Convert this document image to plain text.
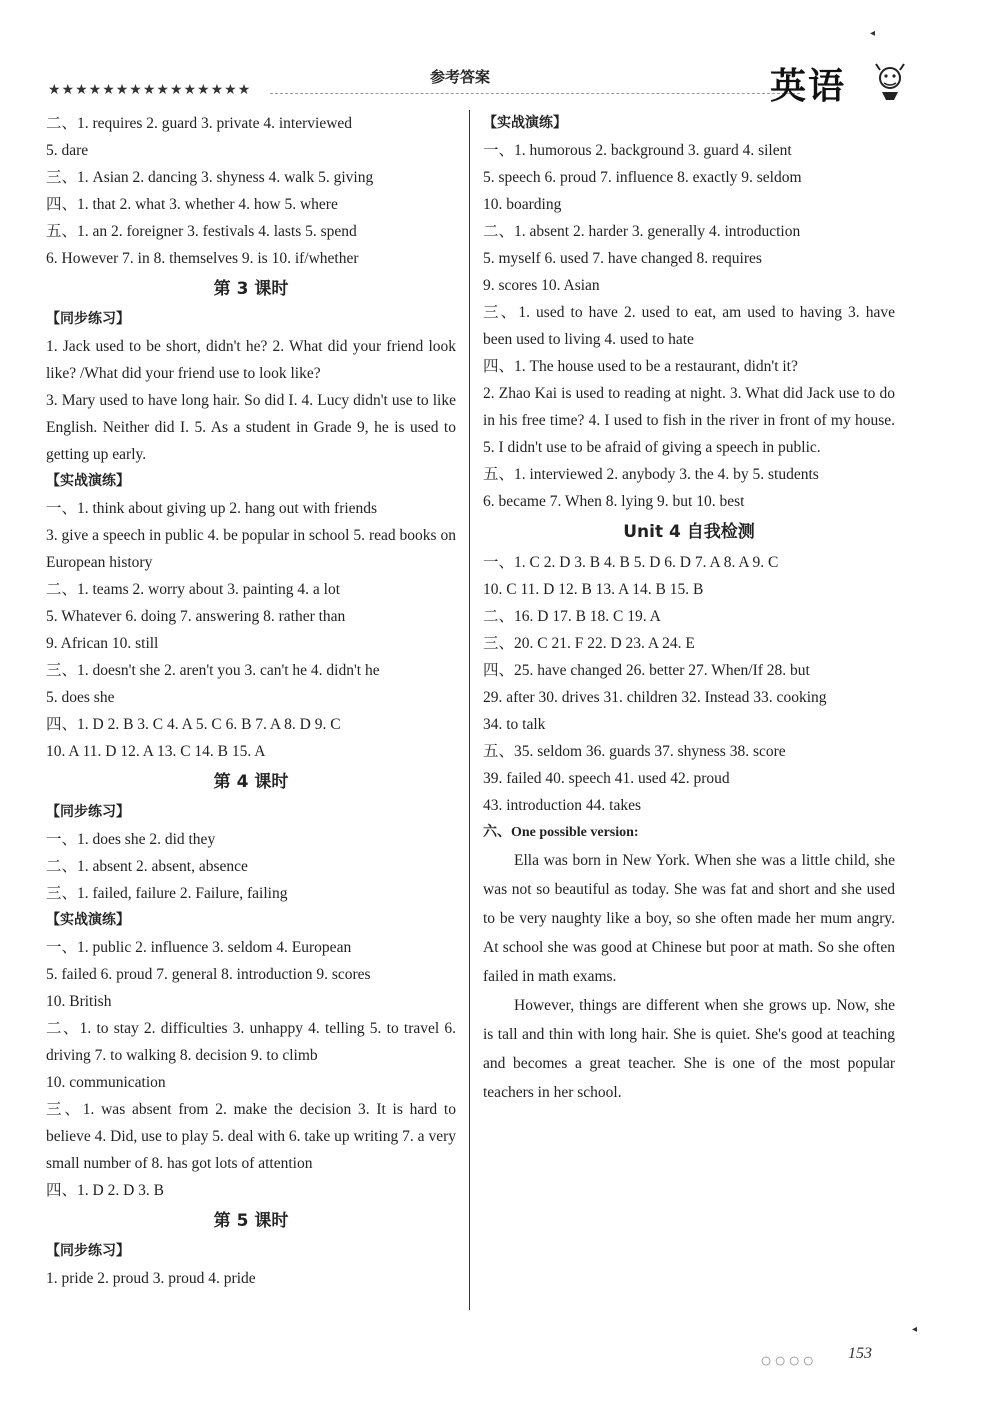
★★★★★★★★★★★★★★★
参考答案	英语
◂
二、1. requires 2. guard 3. private 4. interviewed
5. dare
三、1. Asian 2. dancing 3. shyness 4. walk 5. giving
四、1. that 2. what 3. whether 4. how 5. where
五、1. an 2. foreigner 3. festivals 4. lasts 5. spend
6. However 7. in 8. themselves 9. is 10. if/whether
第 3 课时
【同步练习】
1. Jack used to be short, didn't he? 2. What did your friend look like? /What did your friend use to look like?
3. Mary used to have long hair. So did I. 4. Lucy didn't use to like English. Neither did I. 5. As a student in Grade 9, he is used to getting up early.
【实战演练】
一、1. think about giving up 2. hang out with friends
3. give a speech in public 4. be popular in school 5. read books on European history
二、1. teams 2. worry about 3. painting 4. a lot
5. Whatever 6. doing 7. answering 8. rather than
9. African 10. still
三、1. doesn't she 2. aren't you 3. can't he 4. didn't he
5. does she
四、1. D 2. B 3. C 4. A 5. C 6. B 7. A 8. D 9. C
10. A 11. D 12. A 13. C 14. B 15. A
第 4 课时
【同步练习】
一、1. does she 2. did they
二、1. absent 2. absent, absence
三、1. failed, failure 2. Failure, failing
【实战演练】
一、1. public 2. influence 3. seldom 4. European
5. failed 6. proud 7. general 8. introduction 9. scores
10. British
二、1. to stay 2. difficulties 3. unhappy 4. telling 5. to travel 6. driving 7. to walking 8. decision 9. to climb
10. communication
三、1. was absent from 2. make the decision 3. It is hard to believe 4. Did, use to play 5. deal with 6. take up writing 7. a very small number of 8. has got lots of attention
四、1. D 2. D 3. B
第 5 课时
【同步练习】
1. pride 2. proud 3. proud 4. pride
【实战演练】
一、1. humorous 2. background 3. guard 4. silent
5. speech 6. proud 7. influence 8. exactly 9. seldom
10. boarding
二、1. absent 2. harder 3. generally 4. introduction
5. myself 6. used 7. have changed 8. requires
9. scores 10. Asian
三、1. used to have 2. used to eat, am used to having 3. have been used to living 4. used to hate
四、1. The house used to be a restaurant, didn't it?
2. Zhao Kai is used to reading at night. 3. What did Jack use to do in his free time? 4. I used to fish in the river in front of my house. 5. I didn't use to be afraid of giving a speech in public.
五、1. interviewed 2. anybody 3. the 4. by 5. students
6. became 7. When 8. lying 9. but 10. best
Unit 4 自我检测
一、1. C 2. D 3. B 4. B 5. D 6. D 7. A 8. A 9. C
10. C 11. D 12. B 13. A 14. B 15. B
二、16. D 17. B 18. C 19. A
三、20. C 21. F 22. D 23. A 24. E
四、25. have changed 26. better 27. When/If 28. but
29. after 30. drives 31. children 32. Instead 33. cooking
34. to talk
五、35. seldom 36. guards 37. shyness 38. score
39. failed 40. speech 41. used 42. proud
43. introduction 44. takes
六、One possible version:

Ella was born in New York. When she was a little child, she was not so beautiful as today. She was fat and short and she used to be very naughty like a boy, so she often made her mum angry. At school she was good at Chinese but poor at math. So she often failed in math exams.

However, things are different when she grows up. Now, she is tall and thin with long hair. She is quiet. She's good at teaching and becomes a great teacher. She is one of the most popular teachers in her school.

◂
○○○○ 153
